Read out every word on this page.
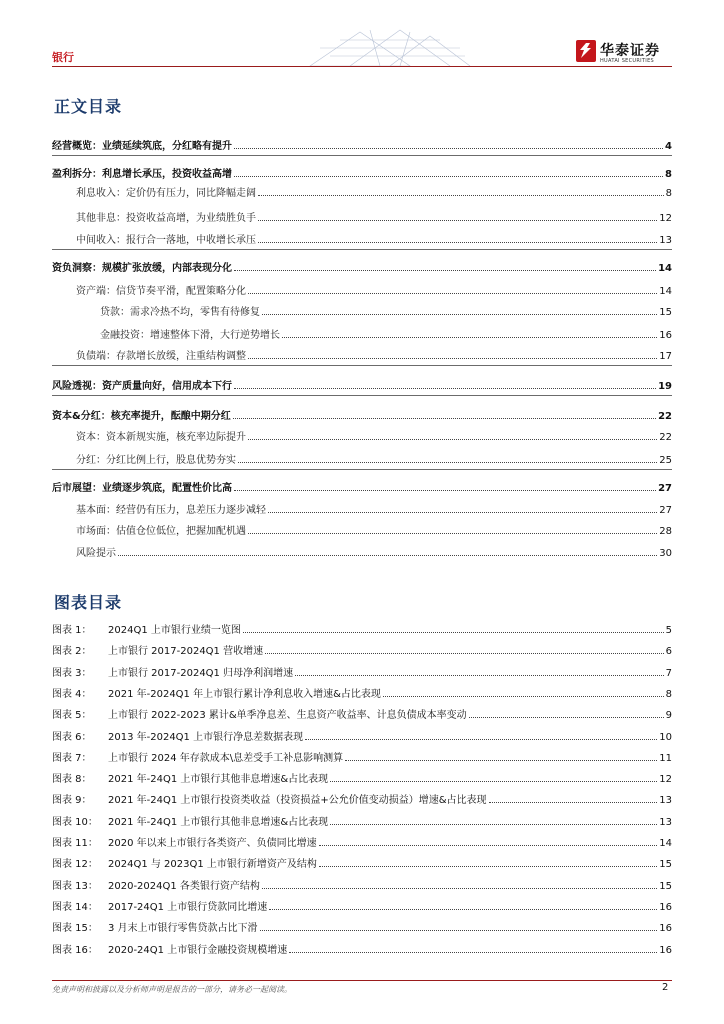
银行	华泰证券
HUATAI SECURITIES
正文目录
经营概览：业绩延续筑底，分红略有提升	4
盈利拆分：利息增长承压，投资收益高增	8
利息收入：定价仍有压力，同比降幅走阔	8
其他非息：投资收益高增，为业绩胜负手	12
中间收入：报行合一落地，中收增长承压	13
资负洞察：规模扩张放缓，内部表现分化	14
资产端：信贷节奏平滑，配置策略分化	14
贷款：需求冷热不均，零售有待修复	15
金融投资：增速整体下滑，大行逆势增长	16
负债端：存款增长放缓，注重结构调整	17
风险透视：资产质量向好，信用成本下行	19
资本&分红：核充率提升，酝酿中期分红	22
资本：资本新规实施，核充率边际提升	22
分红：分红比例上行，股息优势夯实	25
后市展望：业绩逐步筑底，配置性价比高	27
基本面：经营仍有压力，息差压力逐步减轻	27
市场面：估值仓位低位，把握加配机遇	28
风险提示	30
图表目录
图表 1：	2024Q1 上市银行业绩一览图	5
图表 2：	上市银行 2017-2024Q1 营收增速	6
图表 3：	上市银行 2017-2024Q1 归母净利润增速	7
图表 4：	2021 年-2024Q1 年上市银行累计净利息收入增速&占比表现	8
图表 5：	上市银行 2022-2023 累计&单季净息差、生息资产收益率、计息负债成本率变动	9
图表 6：	2013 年-2024Q1 上市银行净息差数据表现	10
图表 7：	上市银行 2024 年存款成本\息差受手工补息影响测算	11
图表 8：	2021 年-24Q1 上市银行其他非息增速&占比表现	12
图表 9：	2021 年-24Q1 上市银行投资类收益（投资损益+公允价值变动损益）增速&占比表现	13
图表 10：	2021 年-24Q1 上市银行其他非息增速&占比表现	13
图表 11：	2020 年以来上市银行各类资产、负债同比增速	14
图表 12：	2024Q1 与 2023Q1 上市银行新增资产及结构	15
图表 13：	2020-2024Q1 各类银行资产结构	15
图表 14：	2017-24Q1 上市银行贷款同比增速	16
图表 15：	3 月末上市银行零售贷款占比下滑	16
图表 16：	2020-24Q1 上市银行金融投资规模增速	16
免责声明和披露以及分析师声明是报告的一部分，请务必一起阅读。	2
